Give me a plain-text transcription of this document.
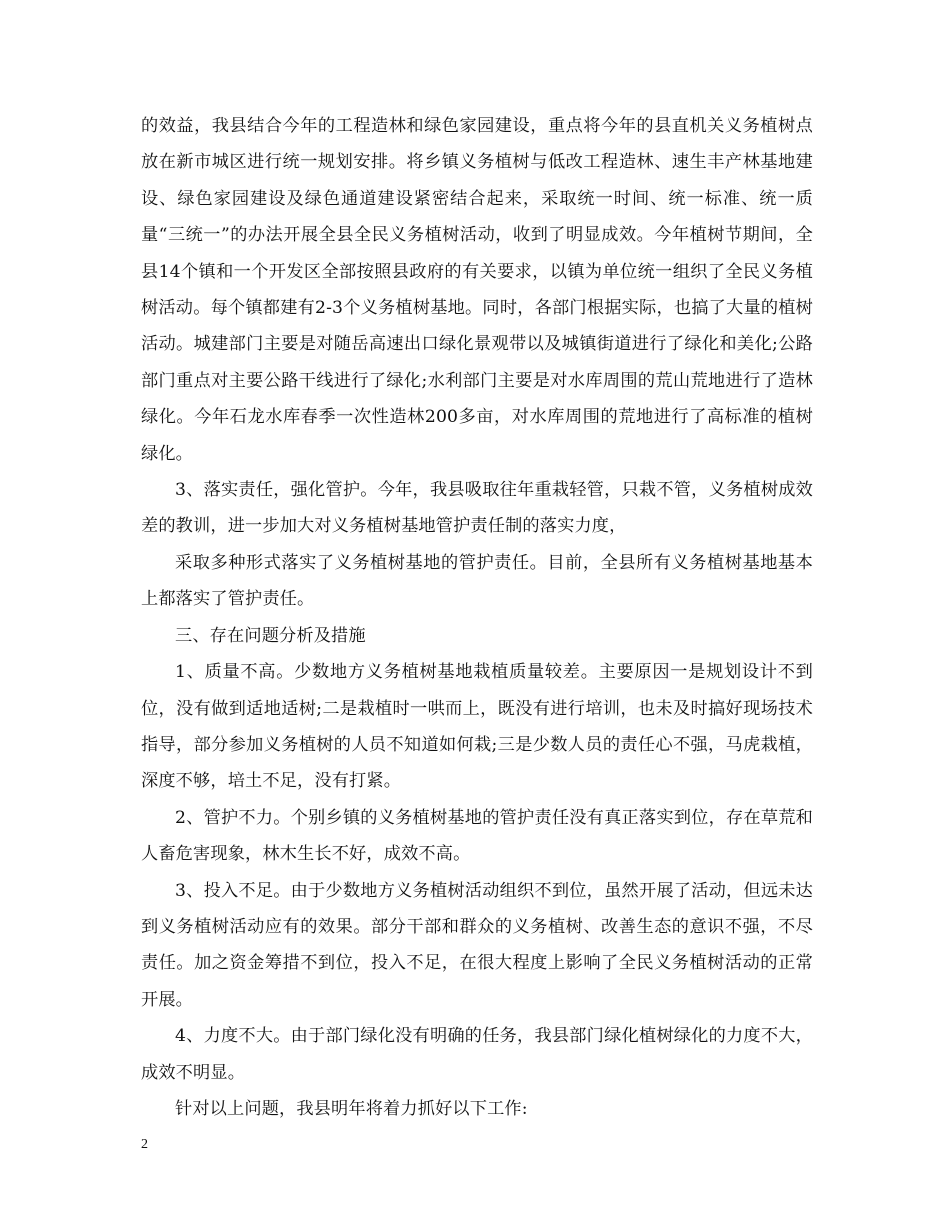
的效益，我县结合今年的工程造林和绿色家园建设，重点将今年的县直机关义务植树点放在新市城区进行统一规划安排。将乡镇义务植树与低改工程造林、速生丰产林基地建设、绿色家园建设及绿色通道建设紧密结合起来，采取统一时间、统一标准、统一质量“三统一”的办法开展全县全民义务植树活动，收到了明显成效。今年植树节期间，全县14个镇和一个开发区全部按照县政府的有关要求，以镇为单位统一组织了全民义务植树活动。每个镇都建有2-3个义务植树基地。同时，各部门根据实际，也搞了大量的植树活动。城建部门主要是对随岳高速出口绿化景观带以及城镇街道进行了绿化和美化;公路部门重点对主要公路干线进行了绿化;水利部门主要是对水库周围的荒山荒地进行了造林绿化。今年石龙水库春季一次性造林200多亩，对水库周围的荒地进行了高标准的植树绿化。

3、落实责任，强化管护。今年，我县吸取往年重栽轻管，只栽不管，义务植树成效差的教训，进一步加大对义务植树基地管护责任制的落实力度，

采取多种形式落实了义务植树基地的管护责任。目前，全县所有义务植树基地基本上都落实了管护责任。

三、存在问题分析及措施

1、质量不高。少数地方义务植树基地栽植质量较差。主要原因一是规划设计不到位，没有做到适地适树;二是栽植时一哄而上，既没有进行培训，也未及时搞好现场技术指导，部分参加义务植树的人员不知道如何栽;三是少数人员的责任心不强，马虎栽植，深度不够，培土不足，没有打紧。

2、管护不力。个别乡镇的义务植树基地的管护责任没有真正落实到位，存在草荒和人畜危害现象，林木生长不好，成效不高。

3、投入不足。由于少数地方义务植树活动组织不到位，虽然开展了活动，但远未达到义务植树活动应有的效果。部分干部和群众的义务植树、改善生态的意识不强，不尽责任。加之资金筹措不到位，投入不足，在很大程度上影响了全民义务植树活动的正常开展。

4、力度不大。由于部门绿化没有明确的任务，我县部门绿化植树绿化的力度不大，成效不明显。

针对以上问题，我县明年将着力抓好以下工作:

2
